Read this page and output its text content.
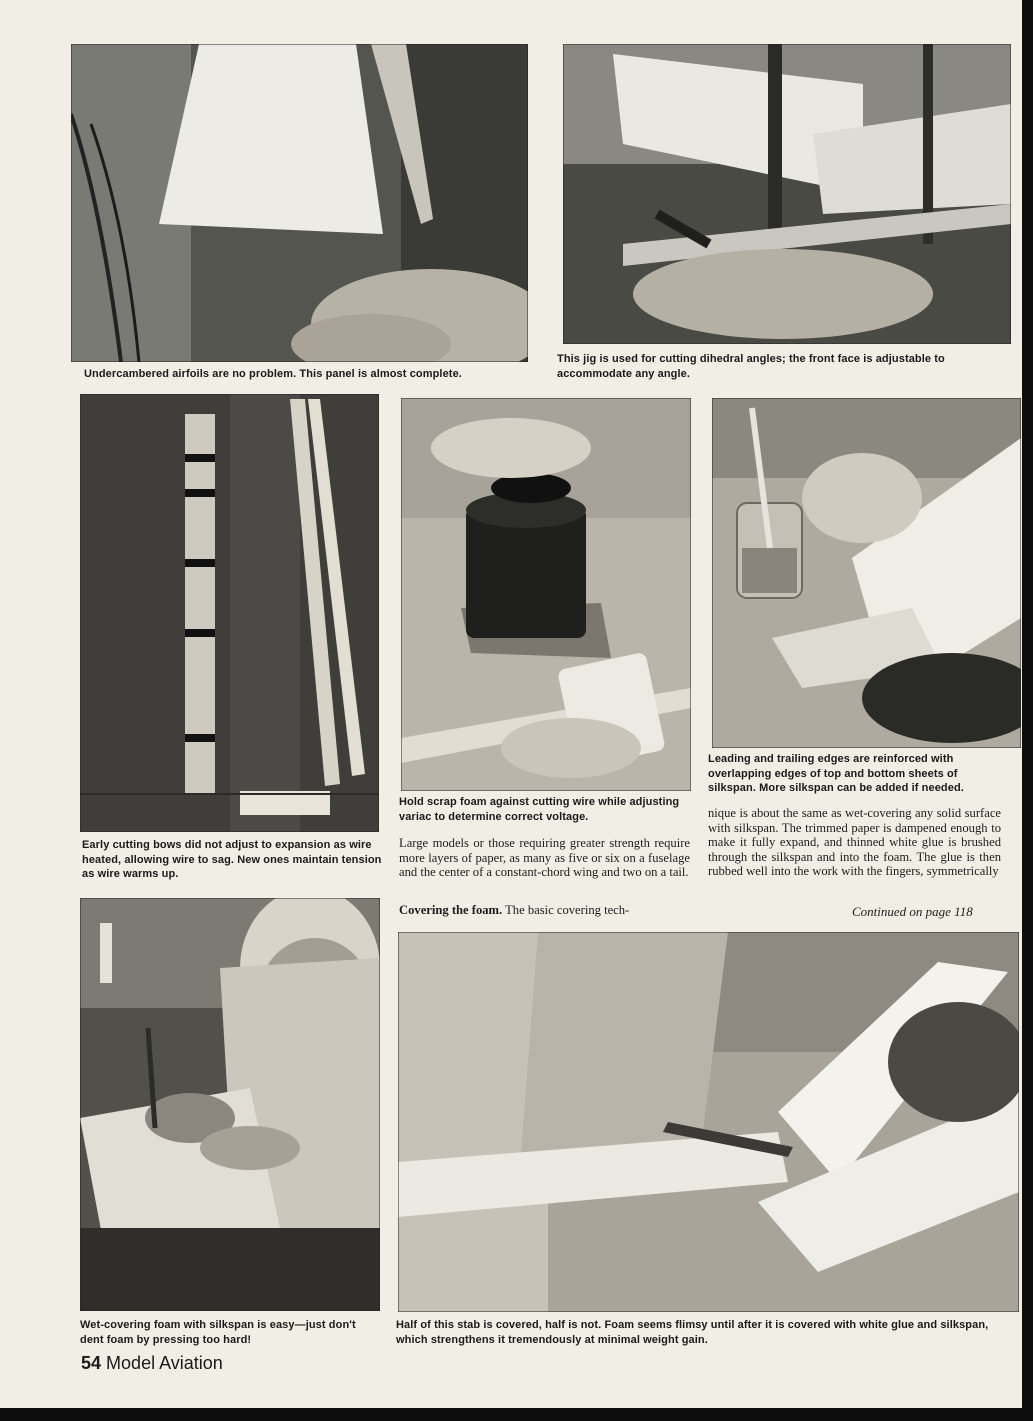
Undercambered airfoils are no problem. This panel is almost complete.

This jig is used for cutting dihedral angles; the front face is adjustable to accommodate any angle.

Early cutting bows did not adjust to expansion as wire heated, allowing wire to sag. New ones maintain tension as wire warms up.

Hold scrap foam against cutting wire while adjusting variac to determine correct voltage.

Leading and trailing edges are reinforced with overlapping edges of top and bottom sheets of silkspan. More silkspan can be added if needed.

Large models or those requiring greater strength require more layers of paper, as many as five or six on a fuselage and the center of a constant-chord wing and two on a tail.

Covering the foam. The basic covering tech-

nique is about the same as wet-covering any solid surface with silkspan. The trimmed paper is dampened enough to make it fully expand, and thinned white glue is brushed through the silkspan and into the foam. The glue is then rubbed well into the work with the fingers, symmetrically

Continued on page 118

Wet-covering foam with silkspan is easy—just don't dent foam by pressing too hard!

Half of this stab is covered, half is not. Foam seems flimsy until after it is covered with white glue and silkspan, which strengthens it tremendously at minimal weight gain.

54 Model Aviation
